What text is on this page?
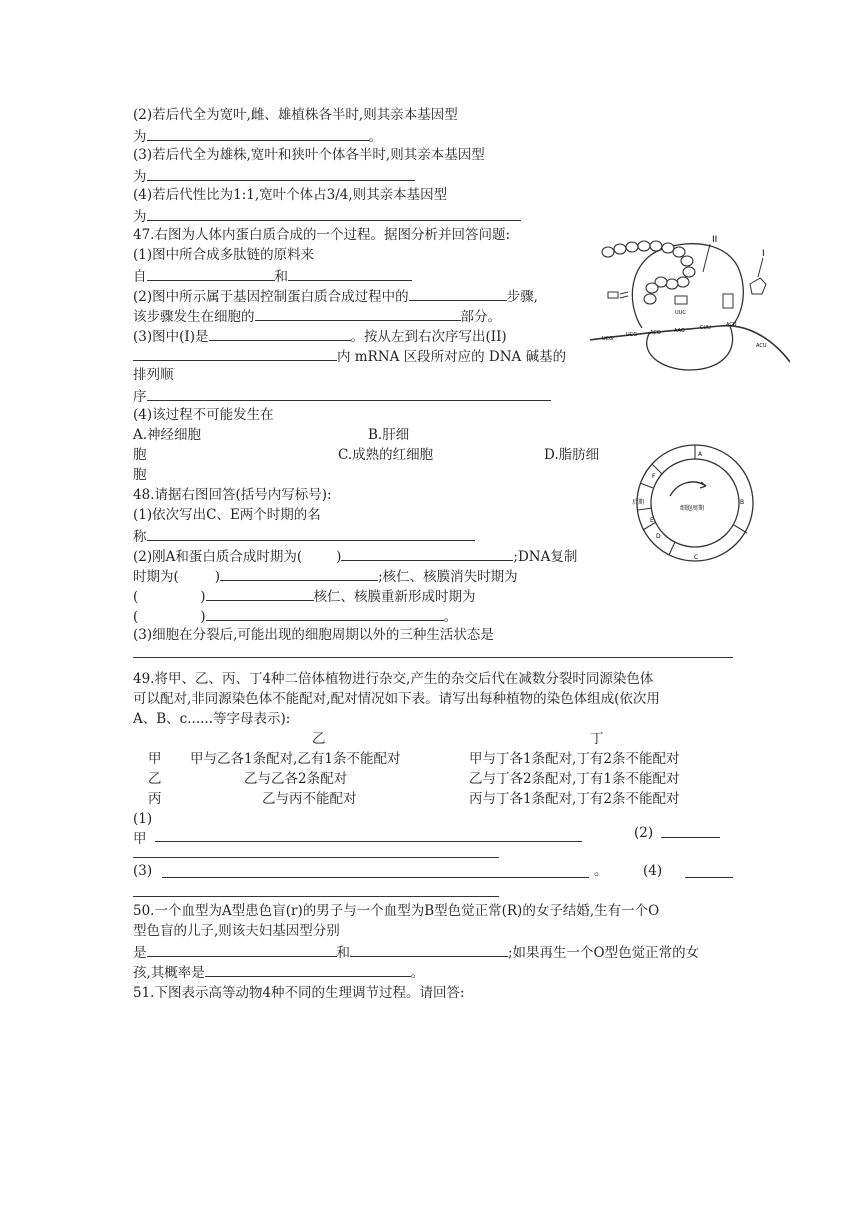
(2)若后代全为宽叶,雌、雄植株各半时,则其亲本基因型
为	。
(3)若后代全为雄株,宽叶和狭叶个体各半时,则其亲本基因型
为
(4)若后代性比为1:1,宽叶个体占3/4,则其亲本基因型
为
47.右图为人体内蛋白质合成的一个过程。据图分析并回答问题:
(1)图中所合成多肽链的原料来
自	和
(2)图中所示属于基因控制蛋白质合成过程中的	步骤,
该步骤发生在细胞的	部分。
(3)图中(I)是	。按从左到右次序写出(II)
内 mRNA 区段所对应的 DNA 碱基的
排列顺
序
(4)该过程不可能发生在
A.神经细胞	B.肝细
胞	C.成熟的红细胞	D.脂肪细
胞
II
I
UUC
UCG
UCG	ACG	AAG	CUU	ACU
ACU
48.请据右图回答(括号内写标号):
(1)依次写出C、E两个时期的名
称
(2)刚A和蛋白质合成时期为(	)	;DNA复制
时期为(	)	;核仁、核膜消失时期为
(	)	核仁、核膜重新形成时期为
(	)	。
(3)细胞在分裂后,可能出现的细胞周期以外的三种生活状态是
细胞周期
后期
A
B
C
D
E
F
49.将甲、乙、丙、丁4种二倍体植物进行杂交,产生的杂交后代在减数分裂时同源染色体
可以配对,非同源染色体不能配对,配对情况如下表。请写出每种植物的染色体组成(依次用
A、B、c......等字母表示):
乙	丁
甲 甲与乙各1条配对,乙有1条不能配对	甲与丁各1条配对,丁有2条不能配对
乙	乙与乙各2条配对	乙与丁各2条配对,丁有1条不能配对
丙	乙与丙不能配对	丙与丁各1条配对,丁有2条不能配对
(1)
甲	(2)
(3)	。	(4)
50.一个血型为A型患色盲(r)的男子与一个血型为B型色觉正常(R)的女子结婚,生有一个O
型色盲的儿子,则该夫妇基因型分别
是	和	;如果再生一个O型色觉正常的女
孩,其概率是	。
51.下图表示高等动物4种不同的生理调节过程。请回答:
